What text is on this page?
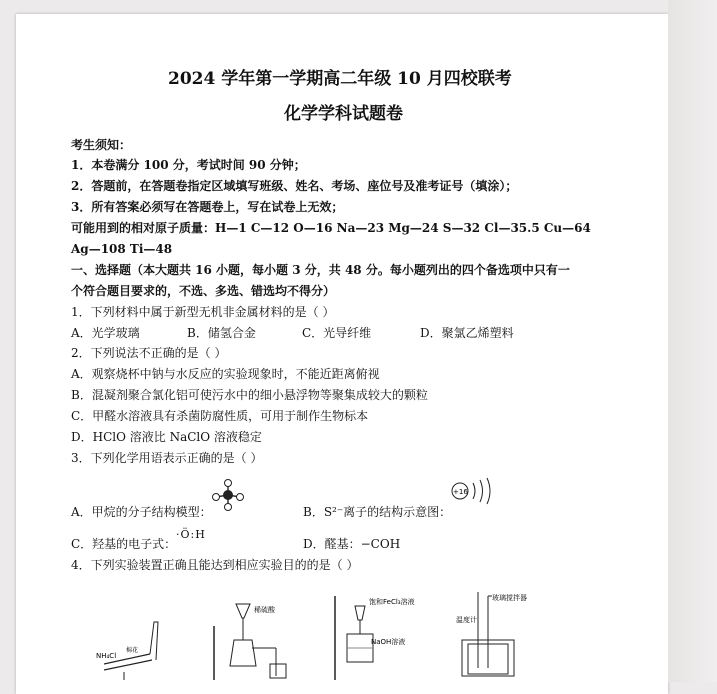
2024 学年第一学期高二年级 10 月四校联考
化学学科试题卷
考生须知：
1．本卷满分 100 分，考试时间 90 分钟；
2．答题前，在答题卷指定区域填写班级、姓名、考场、座位号及准考证号（填涂）；
3．所有答案必须写在答题卷上，写在试卷上无效；
可能用到的相对原子质量：H—1 C—12 O—16 Na—23 Mg—24 S—32 Cl—35.5 Cu—64
Ag—108 Ti—48
一、选择题（本大题共 16 小题，每小题 3 分，共 48 分。每小题列出的四个备选项中只有一
个符合题目要求的，不选、多选、错选均不得分）
1．下列材料中属于新型无机非金属材料的是（ ）
A．光学玻璃	B．储氢合金	C．光导纤维	D．聚氯乙烯塑料
2．下列说法不正确的是（ ）
A．观察烧杯中钠与水反应的实验现象时，不能近距离俯视
B．混凝剂聚合氯化铝可使污水中的细小悬浮物等聚集成较大的颗粒
C．甲醛水溶液具有杀菌防腐性质，可用于制作生物标本
D．HClO 溶液比 NaClO 溶液稳定
3．下列化学用语表示正确的是（ ）
A．甲烷的分子结构模型：	B．S²⁻离子的结构示意图：
+16
C．羟基的电子式：
·Ö:H
D．醛基：−COH
4．下列实验装置正确且能达到相应实验目的的是（ ）
NH₄Cl
棉花
稀硫酸
饱和FeCl₃溶液
NaOH溶液
玻璃搅拌器
温度计
